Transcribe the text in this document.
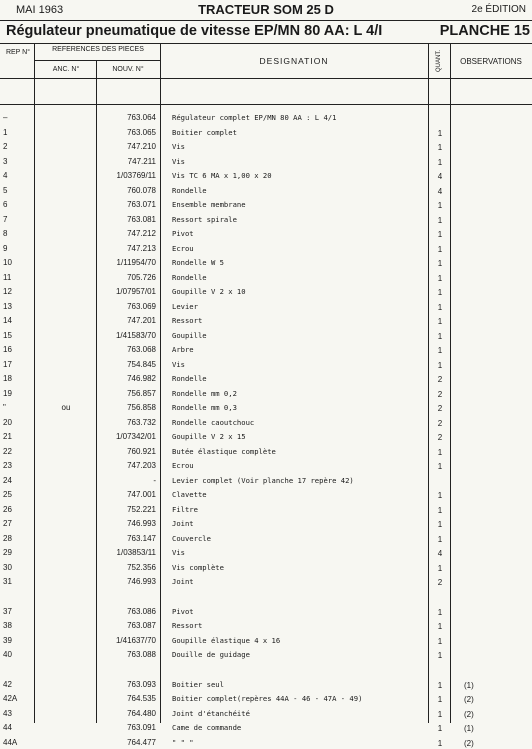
MAI 1963	TRACTEUR SOM 25 D	2e ÉDITION
Régulateur pneumatique de vitesse EP/MN 80 AA: L 4/I	PLANCHE 15
REP N°	REFERENCES DES PIECES
ANC. N°	NOUV. N°
DESIGNATION	QUANT.	OBSERVATIONS
–	763.064 Régulateur complet EP/MN 80 AA : L 4/1
1	763.065 Boitier complet	1
2	747.210 Vis	1
3	747.211 Vis	1
4	1/03769/11 Vis TC 6 MA x 1,00 x 20	4
5	760.078 Rondelle	4
6	763.071 Ensemble membrane	1
7	763.081 Ressort spirale	1
8	747.212 Pivot	1
9	747.213 Ecrou	1
10	1/11954/70 Rondelle W 5	1
11	705.726 Rondelle	1
12	1/07957/01 Goupille V 2 x 10	1
13	763.069 Levier	1
14	747.201 Ressort	1
15	1/41583/70 Goupille	1
16	763.068 Arbre	1
17	754.845 Vis	1
18	746.982 Rondelle	2
19	756.857 Rondelle mm 0,2	2
"	ou	756.858 Rondelle mm 0,3	2
20	763.732 Rondelle caoutchouc	2
21	1/07342/01 Goupille V 2 x 15	2
22	760.921 Butée élastique complète	1
23	747.203 Ecrou	1
24	- Levier complet (Voir planche 17 repère 42)
25	747.001 Clavette	1
26	752.221 Filtre	1
27	746.993 Joint	1
28	763.147 Couvercle	1
29	1/03853/11 Vis	4
30	752.356 Vis complète	1
31	746.993 Joint	2
37	763.086 Pivot	1
38	763.087 Ressort	1
39	1/41637/70 Goupille élastique 4 x 16	1
40	763.088 Douille de guidage	1
42	763.093 Boitier seul	1	(1)
42A	764.535 Boitier complet(repères 44A - 46 - 47A - 49)	1	(2)
43	764.480 Joint d'étanchéité	1	(2)
44	763.091 Came de commande	1	(1)
44A	764.477 " " "	1	(2)
